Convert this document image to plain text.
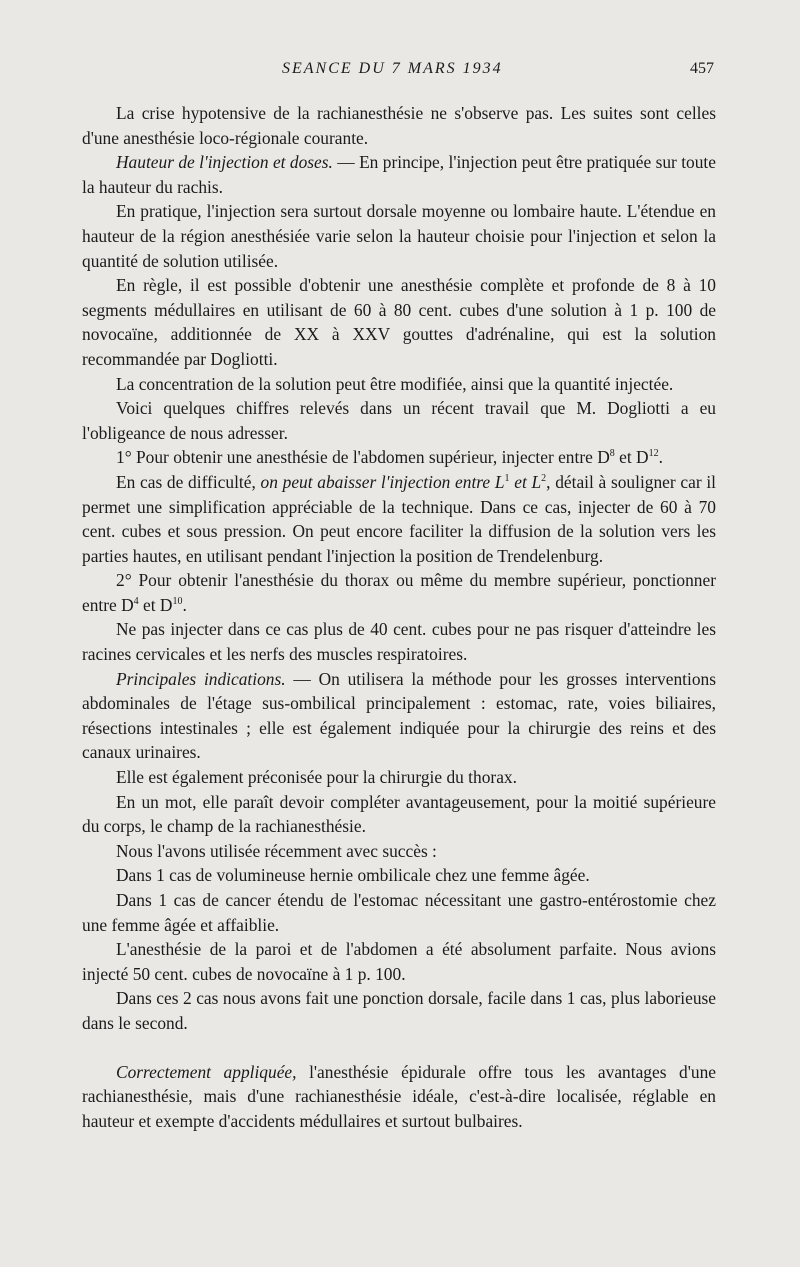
SEANCE DU 7 MARS 1934	457

La crise hypotensive de la rachianesthésie ne s'observe pas. Les suites sont celles d'une anesthésie loco-régionale courante.

Hauteur de l'injection et doses. — En principe, l'injection peut être pratiquée sur toute la hauteur du rachis.

En pratique, l'injection sera surtout dorsale moyenne ou lombaire haute. L'étendue en hauteur de la région anesthésiée varie selon la hauteur choisie pour l'injection et selon la quantité de solution utilisée.

En règle, il est possible d'obtenir une anesthésie complète et profonde de 8 à 10 segments médullaires en utilisant de 60 à 80 cent. cubes d'une solution à 1 p. 100 de novocaïne, additionnée de XX à XXV gouttes d'adrénaline, qui est la solution recommandée par Dogliotti.

La concentration de la solution peut être modifiée, ainsi que la quantité injectée.

Voici quelques chiffres relevés dans un récent travail que M. Dogliotti a eu l'obligeance de nous adresser.

1° Pour obtenir une anesthésie de l'abdomen supérieur, injecter entre $D^8$ et $D^{12}$.

En cas de difficulté, on peut abaisser l'injection entre $L^1$ et $L^2$, détail à souligner car il permet une simplification appréciable de la technique. Dans ce cas, injecter de 60 à 70 cent. cubes et sous pression. On peut encore faciliter la diffusion de la solution vers les parties hautes, en utilisant pendant l'injection la position de Trendelenburg.

2° Pour obtenir l'anesthésie du thorax ou même du membre supérieur, ponctionner entre $D^4$ et $D^{10}$.

Ne pas injecter dans ce cas plus de 40 cent. cubes pour ne pas risquer d'atteindre les racines cervicales et les nerfs des muscles respiratoires.

Principales indications. — On utilisera la méthode pour les grosses interventions abdominales de l'étage sus-ombilical principalement : estomac, rate, voies biliaires, résections intestinales ; elle est également indiquée pour la chirurgie des reins et des canaux urinaires.

Elle est également préconisée pour la chirurgie du thorax.

En un mot, elle paraît devoir compléter avantageusement, pour la moitié supérieure du corps, le champ de la rachianesthésie.

Nous l'avons utilisée récemment avec succès :

Dans 1 cas de volumineuse hernie ombilicale chez une femme âgée.

Dans 1 cas de cancer étendu de l'estomac nécessitant une gastro-entérostomie chez une femme âgée et affaiblie.

L'anesthésie de la paroi et de l'abdomen a été absolument parfaite. Nous avions injecté 50 cent. cubes de novocaïne à 1 p. 100.

Dans ces 2 cas nous avons fait une ponction dorsale, facile dans 1 cas, plus laborieuse dans le second.

Correctement appliquée, l'anesthésie épidurale offre tous les avantages d'une rachianesthésie, mais d'une rachianesthésie idéale, c'est-à-dire localisée, réglable en hauteur et exempte d'accidents médullaires et surtout bulbaires.
